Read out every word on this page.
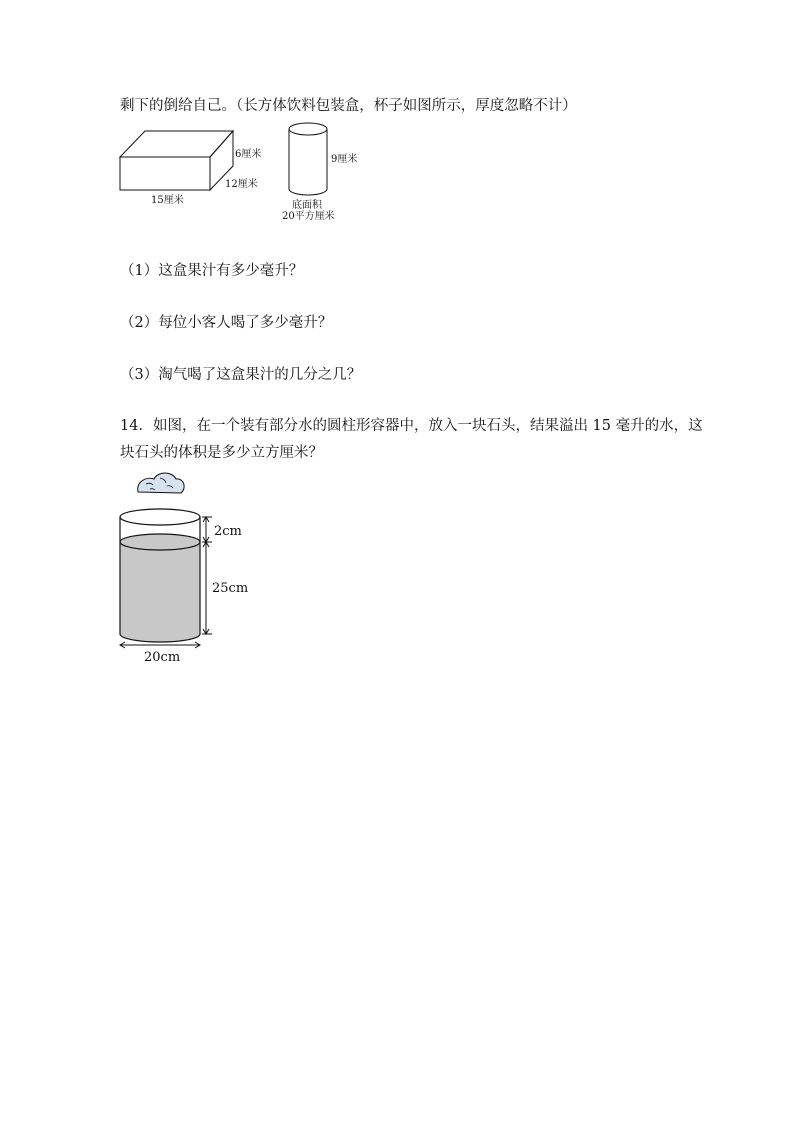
剩下的倒给自己。（长方体饮料包装盒，杯子如图所示，厚度忽略不计）
6厘米
12厘米
15厘米
9厘米
底面积
20平方厘米
（1）这盒果汁有多少毫升？
（2）每位小客人喝了多少毫升？
（3）淘气喝了这盒果汁的几分之几？
14．如图，在一个装有部分水的圆柱形容器中，放入一块石头，结果溢出 15 毫升的水，这
块石头的体积是多少立方厘米？
2cm
25cm
20cm
